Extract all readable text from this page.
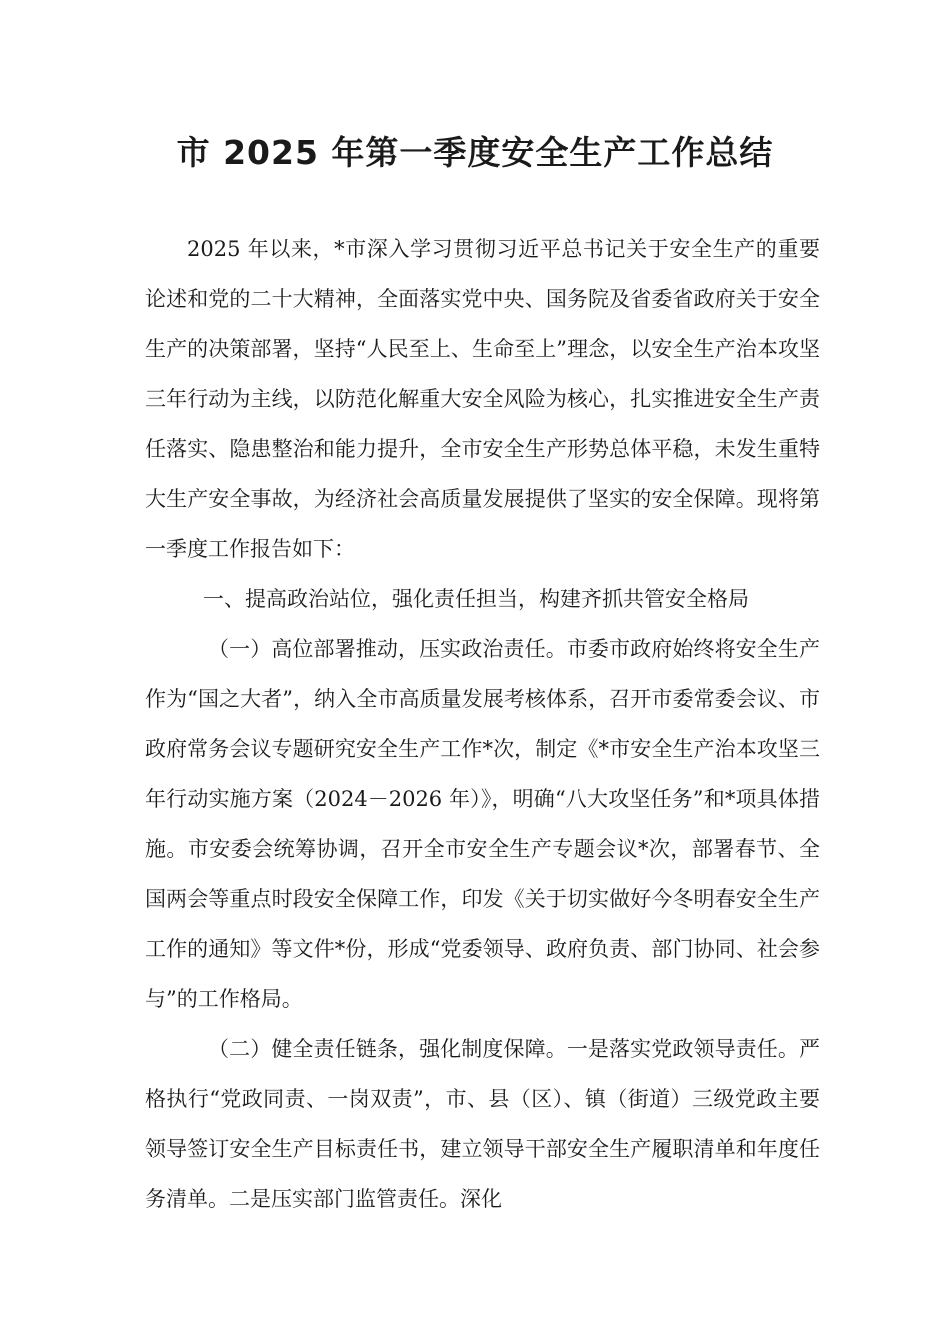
市 2025 年第一季度安全生产工作总结

2025 年以来，*市深入学习贯彻习近平总书记关于安全生产的重要论述和党的二十大精神，全面落实党中央、国务院及省委省政府关于安全生产的决策部署，坚持“人民至上、生命至上”理念，以安全生产治本攻坚三年行动为主线，以防范化解重大安全风险为核心，扎实推进安全生产责任落实、隐患整治和能力提升，全市安全生产形势总体平稳，未发生重特大生产安全事故，为经济社会高质量发展提供了坚实的安全保障。现将第一季度工作报告如下：

一、提高政治站位，强化责任担当，构建齐抓共管安全格局

（一）高位部署推动，压实政治责任。市委市政府始终将安全生产作为“国之大者”，纳入全市高质量发展考核体系，召开市委常委会议、市政府常务会议专题研究安全生产工作*次，制定《*市安全生产治本攻坚三年行动实施方案（2024－2026 年）》，明确“八大攻坚任务”和*项具体措施。市安委会统筹协调，召开全市安全生产专题会议*次，部署春节、全国两会等重点时段安全保障工作，印发《关于切实做好今冬明春安全生产工作的通知》等文件*份，形成“党委领导、政府负责、部门协同、社会参与”的工作格局。

（二）健全责任链条，强化制度保障。一是落实党政领导责任。严格执行“党政同责、一岗双责”，市、县（区）、镇（街道）三级党政主要领导签订安全生产目标责任书，建立领导干部安全生产履职清单和年度任务清单。二是压实部门监管责任。深化
